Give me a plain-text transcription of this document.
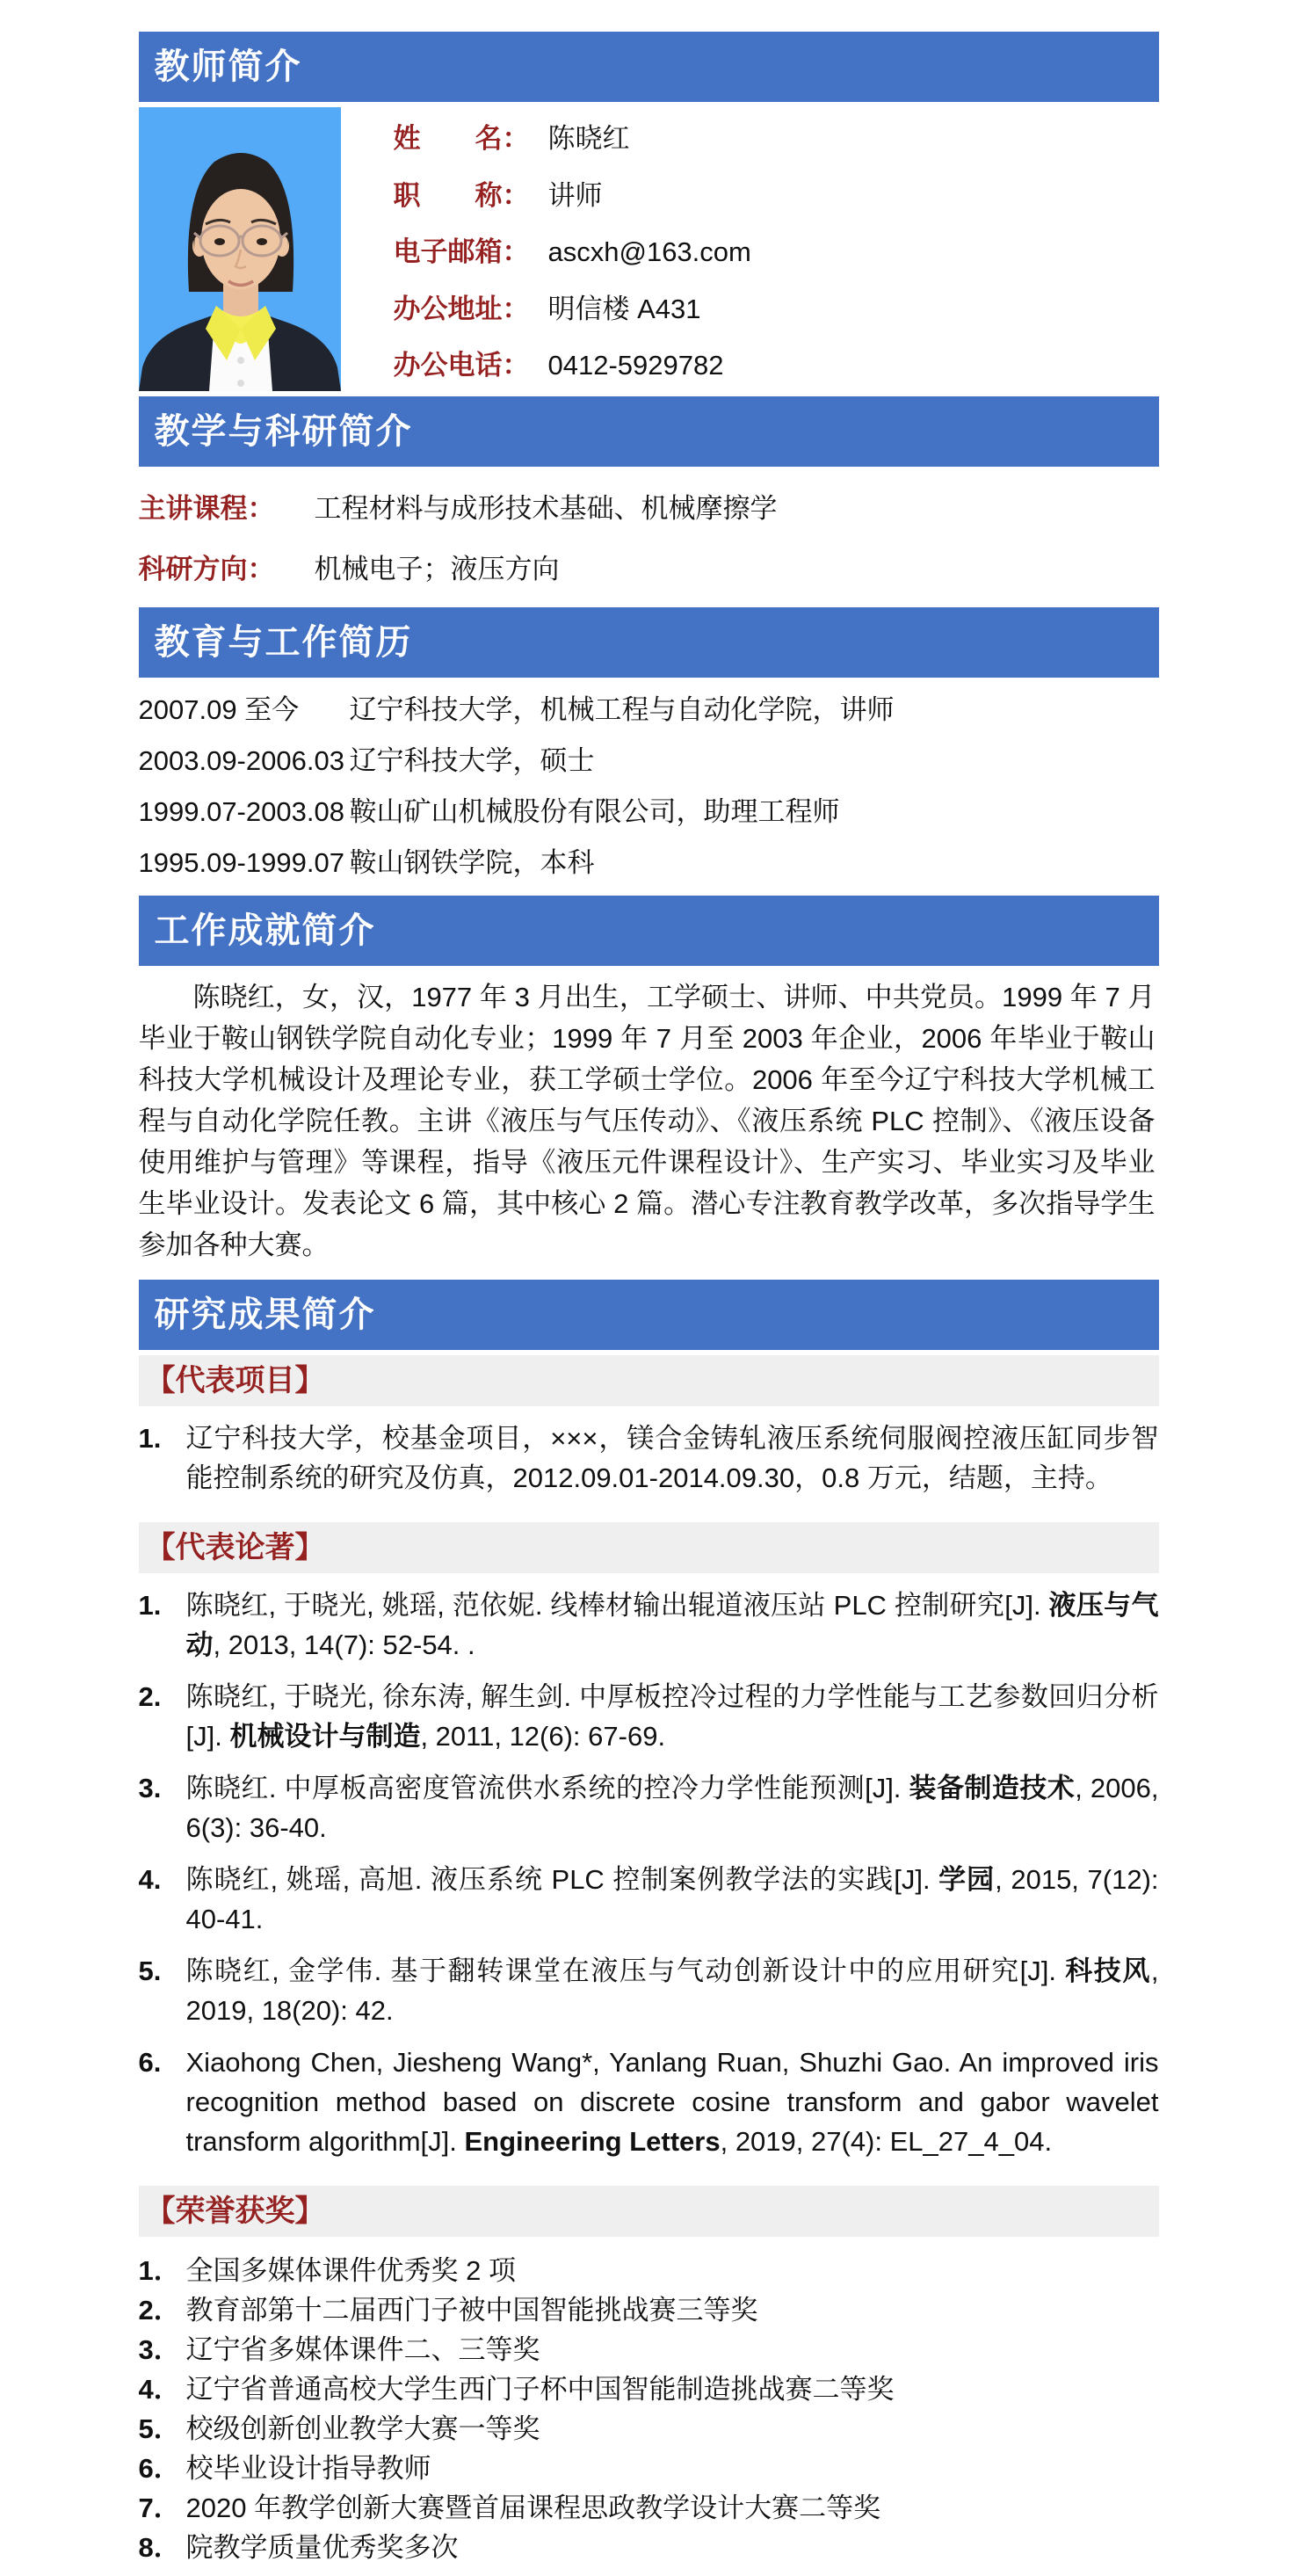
教师简介
姓　　名： 陈晓红
职　　称： 讲师
电子邮箱： ascxh@163.com
办公地址： 明信楼 A431
办公电话： 0412-5929782
教学与科研简介
主讲课程：	工程材料与成形技术基础、机械摩擦学
科研方向：	机械电子；液压方向
教育与工作简历
2007.09 至今	辽宁科技大学，机械工程与自动化学院，讲师
2003.09-2006.03 辽宁科技大学，硕士
1999.07-2003.08 鞍山矿山机械股份有限公司，助理工程师
1995.09-1999.07 鞍山钢铁学院，本科
工作成就简介

陈晓红，女，汉，1977 年 3 月出生，工学硕士、讲师、中共党员。1999 年 7 月毕业于鞍山钢铁学院自动化专业；1999 年 7 月至 2003 年企业，2006 年毕业于鞍山科技大学机械设计及理论专业，获工学硕士学位。2006 年至今辽宁科技大学机械工程与自动化学院任教。主讲《液压与气压传动》、《液压系统 PLC 控制》、《液压设备使用维护与管理》等课程，指导《液压元件课程设计》、生产实习、毕业实习及毕业生毕业设计。发表论文 6 篇，其中核心 2 篇。潜心专注教育教学改革，多次指导学生参加各种大赛。

研究成果简介
【代表项目】
1. 辽宁科技大学，校基金项目，×××，镁合金铸轧液压系统伺服阀控液压缸同步智能控制系统的研究及仿真，2012.09.01-2014.09.30，0.8 万元，结题，主持。
【代表论著】
1. 陈晓红, 于晓光, 姚瑶, 范依妮. 线棒材输出辊道液压站 PLC 控制研究[J]. 液压与气动, 2013, 14(7): 52-54. .
2. 陈晓红, 于晓光, 徐东涛, 解生剑. 中厚板控冷过程的力学性能与工艺参数回归分析[J]. 机械设计与制造, 2011, 12(6): 67-69.
3. 陈晓红. 中厚板高密度管流供水系统的控冷力学性能预测[J]. 装备制造技术, 2006, 6(3): 36-40.
4. 陈晓红, 姚瑶, 高旭. 液压系统 PLC 控制案例教学法的实践[J]. 学园, 2015, 7(12): 40-41.
5. 陈晓红, 金学伟. 基于翻转课堂在液压与气动创新设计中的应用研究[J]. 科技风, 2019, 18(20): 42.
6. Xiaohong Chen, Jiesheng Wang*, Yanlang Ruan, Shuzhi Gao. An improved iris recognition method based on discrete cosine transform and gabor wavelet transform algorithm[J]. Engineering Letters, 2019, 27(4): EL_27_4_04.
【荣誉获奖】
1． 全国多媒体课件优秀奖 2 项
2． 教育部第十二届西门子被中国智能挑战赛三等奖
3． 辽宁省多媒体课件二、三等奖
4． 辽宁省普通高校大学生西门子杯中国智能制造挑战赛二等奖
5． 校级创新创业教学大赛一等奖
6． 校毕业设计指导教师
7． 2020 年教学创新大赛暨首届课程思政教学设计大赛二等奖
8． 院教学质量优秀奖多次
